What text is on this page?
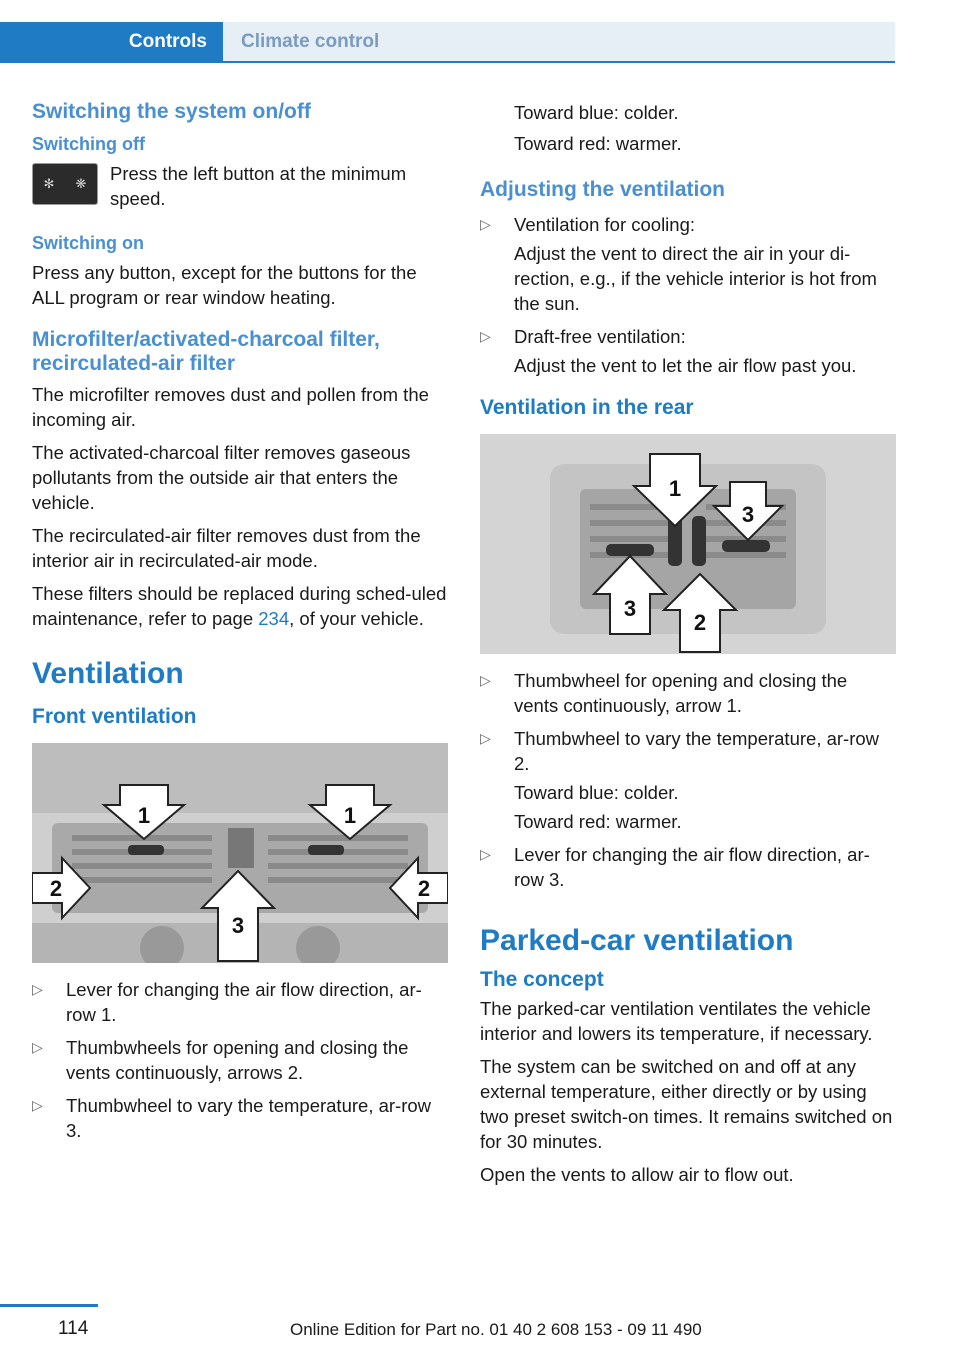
Controls Climate control
Switching the system on/off
Switching off
✻ ❋ Press the left button at the minimum speed.

Switching on

Press any button, except for the buttons for the ALL program or rear window heating.

Microfilter/activated-charcoal filter, recirculated-air filter

The microfilter removes dust and pollen from the incoming air.

The activated-charcoal filter removes gaseous pollutants from the outside air that enters the vehicle.

The recirculated-air filter removes dust from the interior air in recirculated-air mode.

These filters should be replaced during sched-uled maintenance, refer to page 234, of your vehicle.

Ventilation
Front ventilation
1	1
2
3
2
▷ Lever for changing the air flow direction, ar-row 1.
▷ Thumbwheels for opening and closing the vents continuously, arrows 2.
▷ Thumbwheel to vary the temperature, ar-row 3.

Toward blue: colder.

Toward red: warmer.

Adjusting the ventilation
▷ Ventilation for cooling:

Adjust the vent to direct the air in your di-rection, e.g., if the vehicle interior is hot from the sun.

▷ Draft-free ventilation:

Adjust the vent to let the air flow past you.

Ventilation in the rear
1
3
3
2
▷ Thumbwheel for opening and closing the vents continuously, arrow 1.
▷ Thumbwheel to vary the temperature, ar-row 2.

Toward blue: colder.

Toward red: warmer.

▷ Lever for changing the air flow direction, ar-row 3.
Parked-car ventilation
The concept

The parked-car ventilation ventilates the vehicle interior and lowers its temperature, if necessary.

The system can be switched on and off at any external temperature, either directly or by using two preset switch-on times. It remains switched on for 30 minutes.

Open the vents to allow air to flow out.

114	Online Edition for Part no. 01 40 2 608 153 - 09 11 490
